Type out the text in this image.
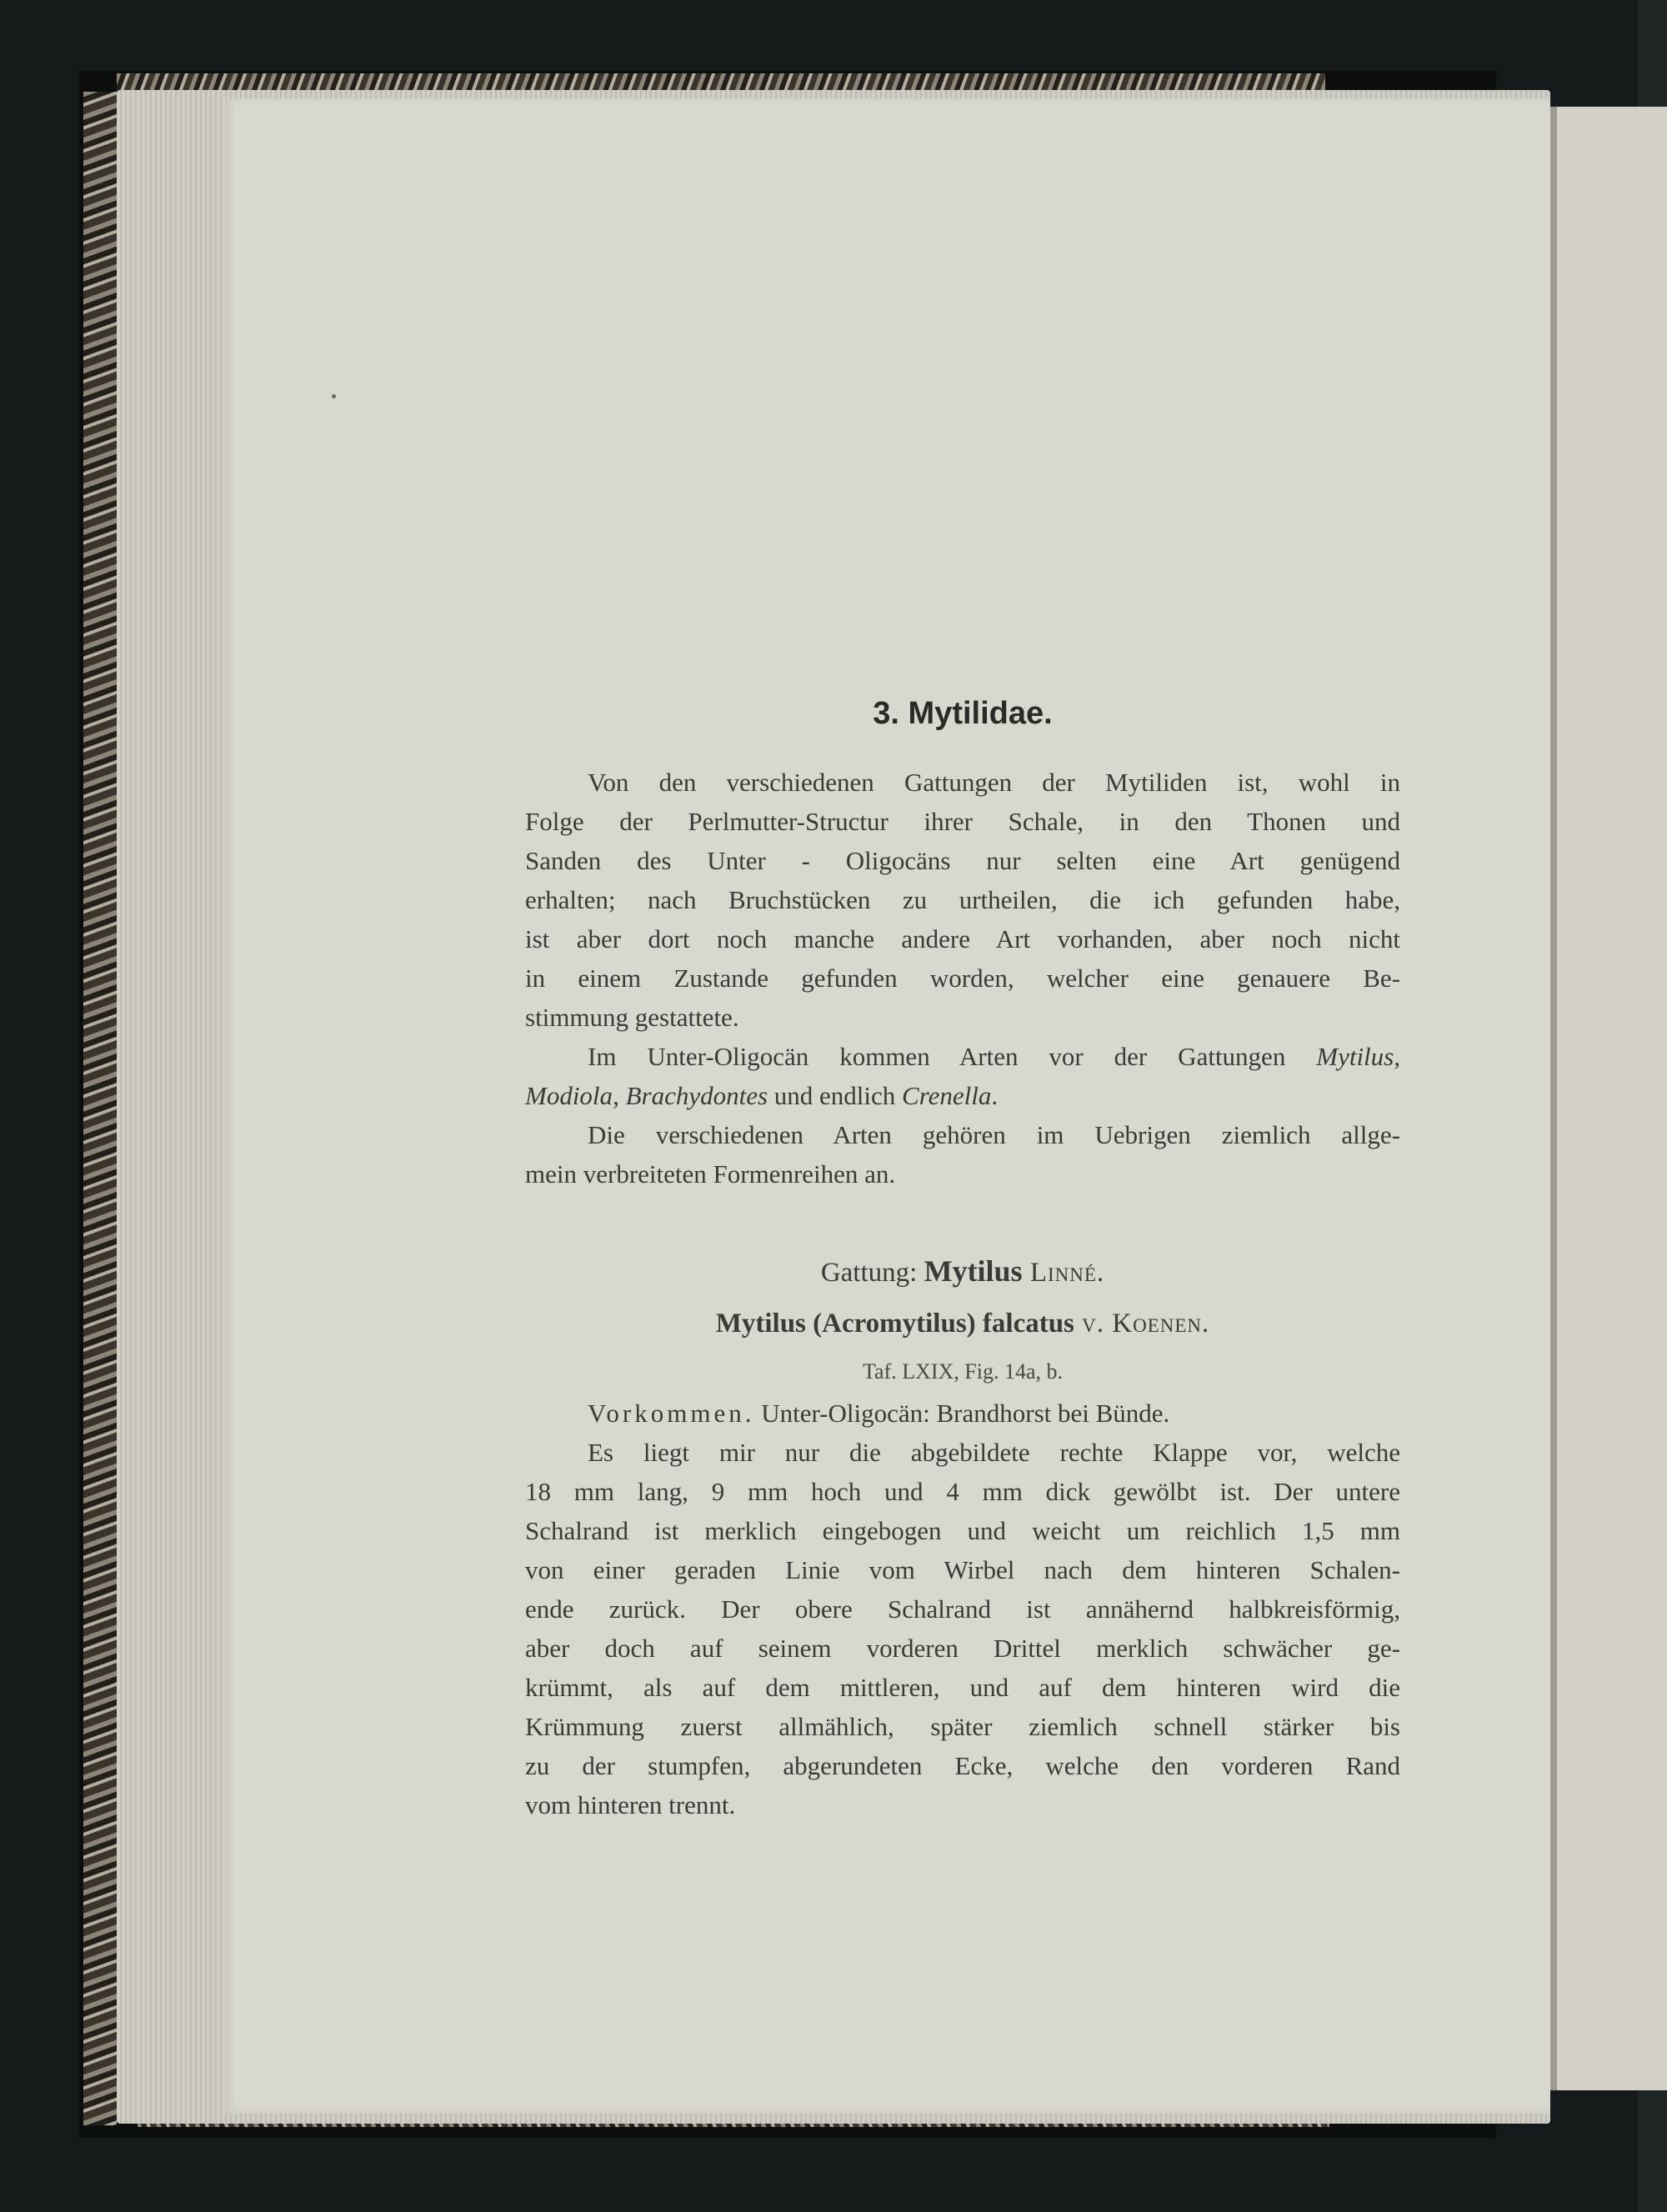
3. Mytilidae.
Von den verschiedenen Gattungen der Mytiliden ist, wohl in
Folge der Perlmutter-Structur ihrer Schale, in den Thonen und
Sanden des Unter - Oligocäns nur selten eine Art genügend
erhalten; nach Bruchstücken zu urtheilen, die ich gefunden habe,
ist aber dort noch manche andere Art vorhanden, aber noch nicht
in einem Zustande gefunden worden, welcher eine genauere Be-
stimmung gestattete.
Im Unter-Oligocän kommen Arten vor der Gattungen Mytilus,
Modiola, Brachydontes und endlich Crenella.
Die verschiedenen Arten gehören im Uebrigen ziemlich allge-
mein verbreiteten Formenreihen an.
Gattung: Mytilus Linné.
Mytilus (Acromytilus) falcatus v. Koenen.
Taf. LXIX, Fig. 14a, b.
Vorkommen. Unter-Oligocän: Brandhorst bei Bünde.
Es liegt mir nur die abgebildete rechte Klappe vor, welche
18 mm lang, 9 mm hoch und 4 mm dick gewölbt ist. Der untere
Schalrand ist merklich eingebogen und weicht um reichlich 1,5 mm
von einer geraden Linie vom Wirbel nach dem hinteren Schalen-
ende zurück. Der obere Schalrand ist annähernd halbkreisförmig,
aber doch auf seinem vorderen Drittel merklich schwächer ge-
krümmt, als auf dem mittleren, und auf dem hinteren wird die
Krümmung zuerst allmählich, später ziemlich schnell stärker bis
zu der stumpfen, abgerundeten Ecke, welche den vorderen Rand
vom hinteren trennt.
